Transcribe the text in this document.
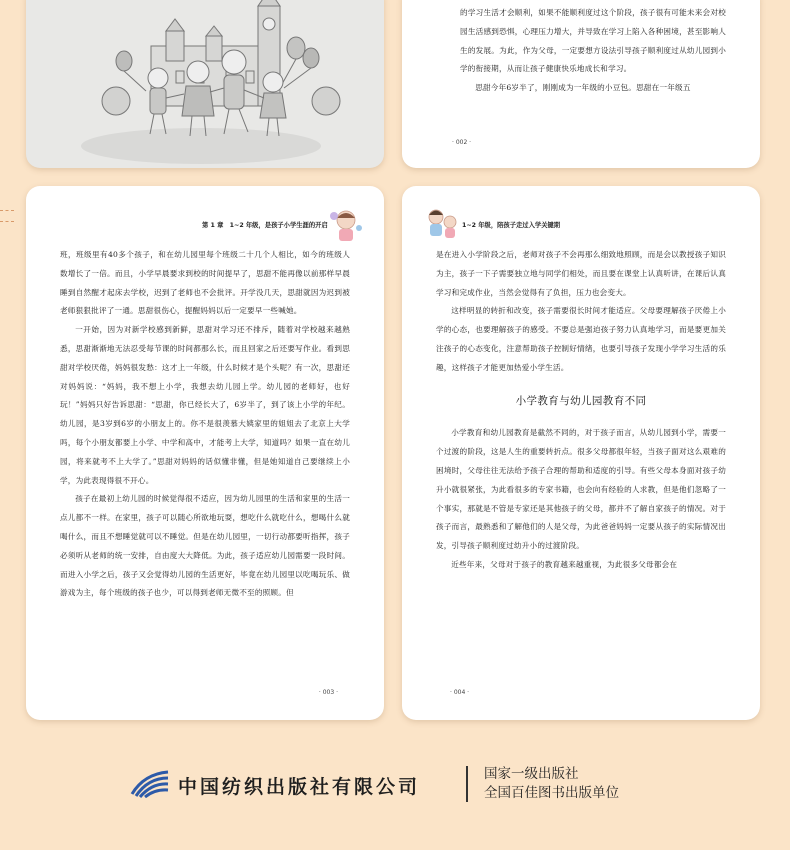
的学习生活才会顺利，如果不能顺利度过这个阶段，孩子很有可能未来会对校园生活感到恐惧，心理压力增大，并导致在学习上陷入各种困境，甚至影响人生的发展。为此，作为父母，一定要想方设法引导孩子顺利度过从幼儿园到小学的衔接期，从而让孩子健康快乐地成长和学习。

思甜今年6岁半了，刚刚成为一年级的小豆包。思甜在一年级五

· 002 ·
第 1 章　1~2 年级，是孩子小学生涯的开启

班，班级里有40多个孩子，和在幼儿园里每个班级二十几个人相比，如今的班级人数增长了一倍。而且，小学早晨要求到校的时间提早了，思甜不能再像以前那样早晨睡到自然醒才起床去学校，迟到了老师也不会批评。开学没几天，思甜就因为迟到被老师狠狠批评了一通。思甜很伤心，提醒妈妈以后一定要早一些喊她。

一开始，因为对新学校感到新鲜，思甜对学习还不排斥，随着对学校越来越熟悉，思甜渐渐地无法忍受每节课的时间都那么长，而且回家之后还要写作业。看到思甜对学校厌倦，妈妈很发愁：这才上一年级，什么时候才是个头呢？有一次，思甜还对妈妈说：“妈妈，我不想上小学，我想去幼儿园上学。幼儿园的老师好，也好玩！”妈妈只好告诉思甜：“思甜，你已经长大了，6岁半了，到了该上小学的年纪。幼儿园，是3岁到6岁的小朋友上的。你不是很羡慕大姨家里的姐姐去了北京上大学吗，每个小朋友都要上小学、中学和高中，才能考上大学，知道吗？如果一直在幼儿园，将来就考不上大学了。”思甜对妈妈的话似懂非懂，但是她知道自己要继续上小学，为此表现得很不开心。

孩子在最初上幼儿园的时候觉得很不适应，因为幼儿园里的生活和家里的生活一点儿都不一样。在家里，孩子可以随心所欲地玩耍，想吃什么就吃什么，想喝什么就喝什么，而且不想睡觉就可以不睡觉。但是在幼儿园里，一切行动都要听指挥，孩子必须听从老师的统一安排，自由度大大降低。为此，孩子适应幼儿园需要一段时间。而进入小学之后，孩子又会觉得幼儿园的生活更好，毕竟在幼儿园里以吃喝玩乐、做游戏为主，每个班级的孩子也少，可以得到老师无微不至的照顾。但

· 003 ·
1~2 年级，陪孩子走过入学关键期

是在进入小学阶段之后，老师对孩子不会再那么细致地照顾，而是会以教授孩子知识为主，孩子一下子需要独立地与同学们相处，而且要在课堂上认真听讲，在课后认真学习和完成作业，当然会觉得有了负担，压力也会变大。

这样明显的转折和改变，孩子需要很长时间才能适应。父母要理解孩子厌倦上小学的心态，也要理解孩子的感受。不要总是强迫孩子努力认真地学习，而是要更加关注孩子的心态变化，注意帮助孩子控制好情绪，也要引导孩子发现小学学习生活的乐趣，这样孩子才能更加热爱小学生活。

小学教育与幼儿园教育不同

小学教育和幼儿园教育是截然不同的，对于孩子而言，从幼儿园到小学，需要一个过渡的阶段，这是人生的重要转折点。很多父母都很年轻，当孩子面对这么艰难的困境时，父母往往无法给予孩子合理的帮助和适度的引导。有些父母本身面对孩子幼升小就很紧张，为此看很多的专家书籍，也会向有经验的人求教，但是他们忽略了一个事实，那就是不管是专家还是其他孩子的父母，都并不了解自家孩子的情况。对于孩子而言，最熟悉和了解他们的人是父母，为此爸爸妈妈一定要从孩子的实际情况出发，引导孩子顺利度过幼升小的过渡阶段。

近些年来，父母对于孩子的教育越来越重视，为此很多父母都会在

· 004 ·
中国纺织出版社有限公司
国家一级出版社
全国百佳图书出版单位
